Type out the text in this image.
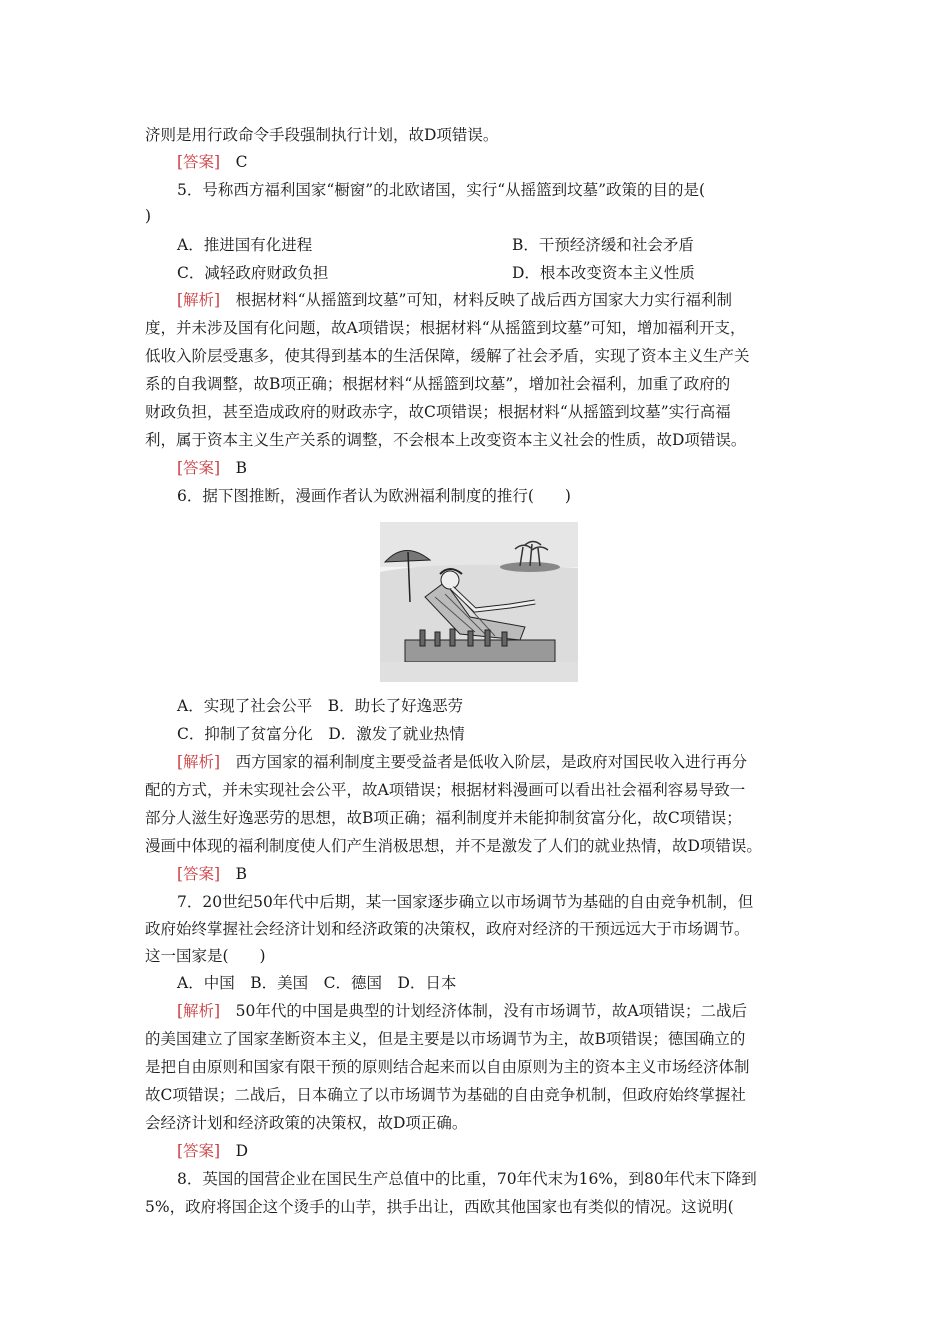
济则是用行政命令手段强制执行计划，故D项错误。
[答案]　 C
5．号称西方福利国家“橱窗”的北欧诸国，实行“从摇篮到坟墓”政策的目的是(
)
A．推进国有化进程	B．干预经济缓和社会矛盾
C．减轻政府财政负担	D．根本改变资本主义性质
[解析]　 根据材料“从摇篮到坟墓”可知，材料反映了战后西方国家大力实行福利制
度，并未涉及国有化问题，故A项错误；根据材料“从摇篮到坟墓”可知，增加福利开支，
低收入阶层受惠多，使其得到基本的生活保障，缓解了社会矛盾，实现了资本主义生产关
系的自我调整，故B项正确；根据材料“从摇篮到坟墓”，增加社会福利，加重了政府的
财政负担，甚至造成政府的财政赤字，故C项错误；根据材料“从摇篮到坟墓”实行高福
利，属于资本主义生产关系的调整，不会根本上改变资本主义社会的性质，故D项错误。
[答案]　 B
6．据下图推断，漫画作者认为欧洲福利制度的推行(　　)
A．实现了社会公平　B．助长了好逸恶劳
C．抑制了贫富分化　D．激发了就业热情
[解析]　 西方国家的福利制度主要受益者是低收入阶层，是政府对国民收入进行再分
配的方式，并未实现社会公平，故A项错误；根据材料漫画可以看出社会福利容易导致一
部分人滋生好逸恶劳的思想，故B项正确；福利制度并未能抑制贫富分化，故C项错误；
漫画中体现的福利制度使人们产生消极思想，并不是激发了人们的就业热情，故D项错误。
[答案]　 B
7．20世纪50年代中后期，某一国家逐步确立以市场调节为基础的自由竞争机制，但
政府始终掌握社会经济计划和经济政策的决策权，政府对经济的干预远远大于市场调节。
这一国家是(　　)
A．中国　B．美国　C．德国　D．日本
[解析]　 50年代的中国是典型的计划经济体制，没有市场调节，故A项错误；二战后
的美国建立了国家垄断资本主义，但是主要是以市场调节为主，故B项错误；德国确立的
是把自由原则和国家有限干预的原则结合起来而以自由原则为主的资本主义市场经济体制
故C项错误；二战后，日本确立了以市场调节为基础的自由竞争机制，但政府始终掌握社
会经济计划和经济政策的决策权，故D项正确。
[答案]　 D
8．英国的国营企业在国民生产总值中的比重，70年代末为16%，到80年代末下降到
5%，政府将国企这个烫手的山芋，拱手出让，西欧其他国家也有类似的情况。这说明(
